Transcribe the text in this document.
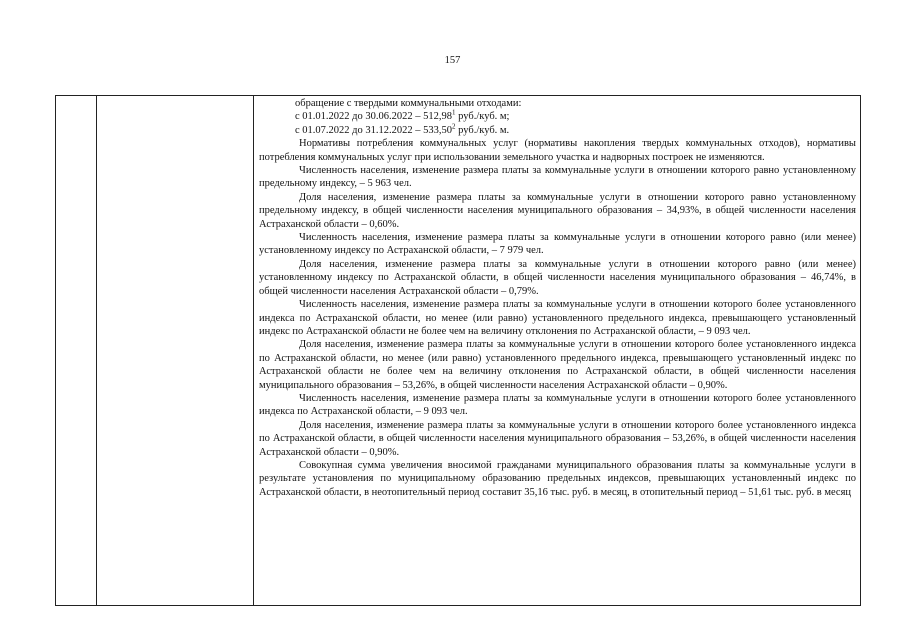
157

обращение с твердыми коммунальными отходами:

с 01.01.2022 до 30.06.2022 – 512,98$^1$ руб./куб. м;

с 01.07.2022 до 31.12.2022 – 533,50$^2$ руб./куб. м.

Нормативы потребления коммунальных услуг (нормативы накопления твердых коммунальных отходов), нормативы потребления коммунальных услуг при использовании земельного участка и надворных построек не изменяются.

Численность населения, изменение размера платы за коммунальные услуги в отношении которого равно установленному предельному индексу, – 5 963 чел.

Доля населения, изменение размера платы за коммунальные услуги в отношении которого равно установленному предельному индексу, в общей численности населения муниципального образования – 34,93%, в общей численности населения Астраханской области – 0,60%.

Численность населения, изменение размера платы за коммунальные услуги в отношении которого равно (или менее) установленному индексу по Астраханской области, – 7 979 чел.

Доля населения, изменение размера платы за коммунальные услуги в отношении которого равно (или менее) установленному индексу по Астраханской области, в общей численности населения муниципального образования – 46,74%, в общей численности населения Астраханской области – 0,79%.

Численность населения, изменение размера платы за коммунальные услуги в отношении которого более установленного индекса по Астраханской области, но менее (или равно) установленного предельного индекса, превышающего установленный индекс по Астраханской области не более чем на величину отклонения по Астраханской области, – 9 093 чел.

Доля населения, изменение размера платы за коммунальные услуги в отношении которого более установленного индекса по Астраханской области, но менее (или равно) установленного предельного индекса, превышающего установленный индекс по Астраханской области не более чем на величину отклонения по Астраханской области, в общей численности населения муниципального образования – 53,26%, в общей численности населения Астраханской области – 0,90%.

Численность населения, изменение размера платы за коммунальные услуги в отношении которого более установленного индекса по Астраханской области, – 9 093 чел.

Доля населения, изменение размера платы за коммунальные услуги в отношении которого более установленного индекса по Астраханской области, в общей численности населения муниципального образования – 53,26%, в общей численности населения Астраханской области – 0,90%.

Совокупная сумма увеличения вносимой гражданами муниципального образования платы за коммунальные услуги в результате установления по муниципальному образованию предельных индексов, превышающих установленный индекс по Астраханской области, в неотопительный период составит 35,16 тыс. руб. в месяц, в отопительный период – 51,61 тыс. руб. в месяц
